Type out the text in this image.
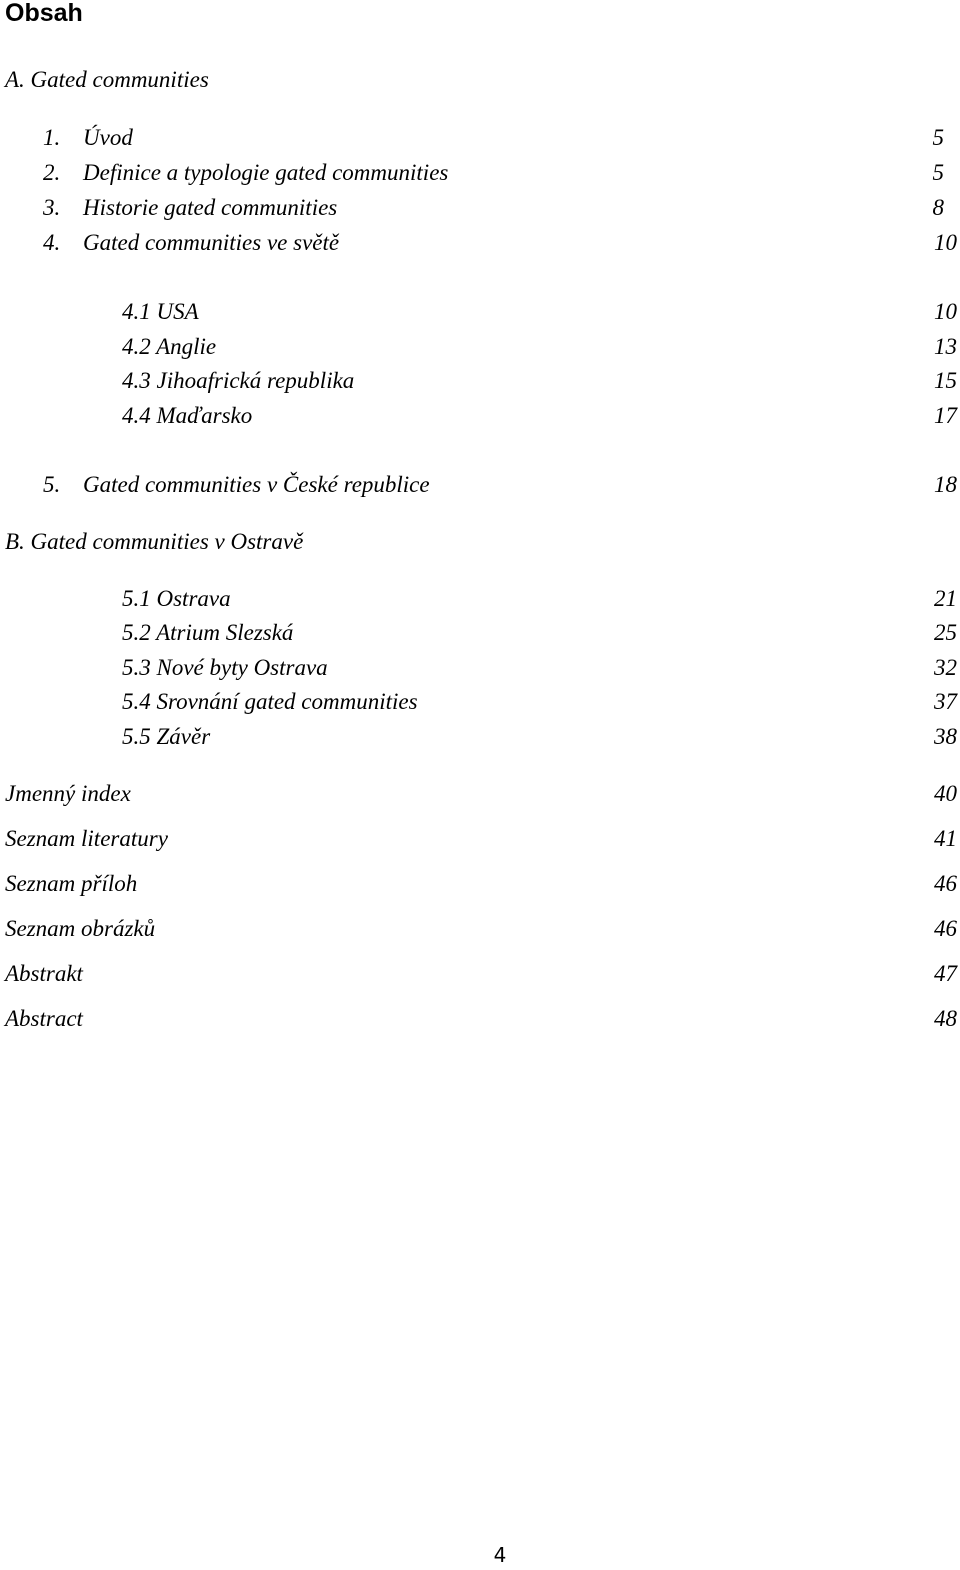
Obsah
A. Gated communities
1. Úvod	5
2. Definice a typologie gated communities	5
3. Historie gated communities	8
4. Gated communities ve světě	10
4.1 USA	10
4.2 Anglie	13
4.3 Jihoafrická republika	15
4.4 Maďarsko	17
5. Gated communities v České republice	18
B. Gated communities v Ostravě
5.1 Ostrava	21
5.2 Atrium Slezská	25
5.3 Nové byty Ostrava	32
5.4 Srovnání gated communities	37
5.5 Závěr	38
Jmenný index	40
Seznam literatury	41
Seznam příloh	46
Seznam obrázků	46
Abstrakt	47
Abstract	48
4
